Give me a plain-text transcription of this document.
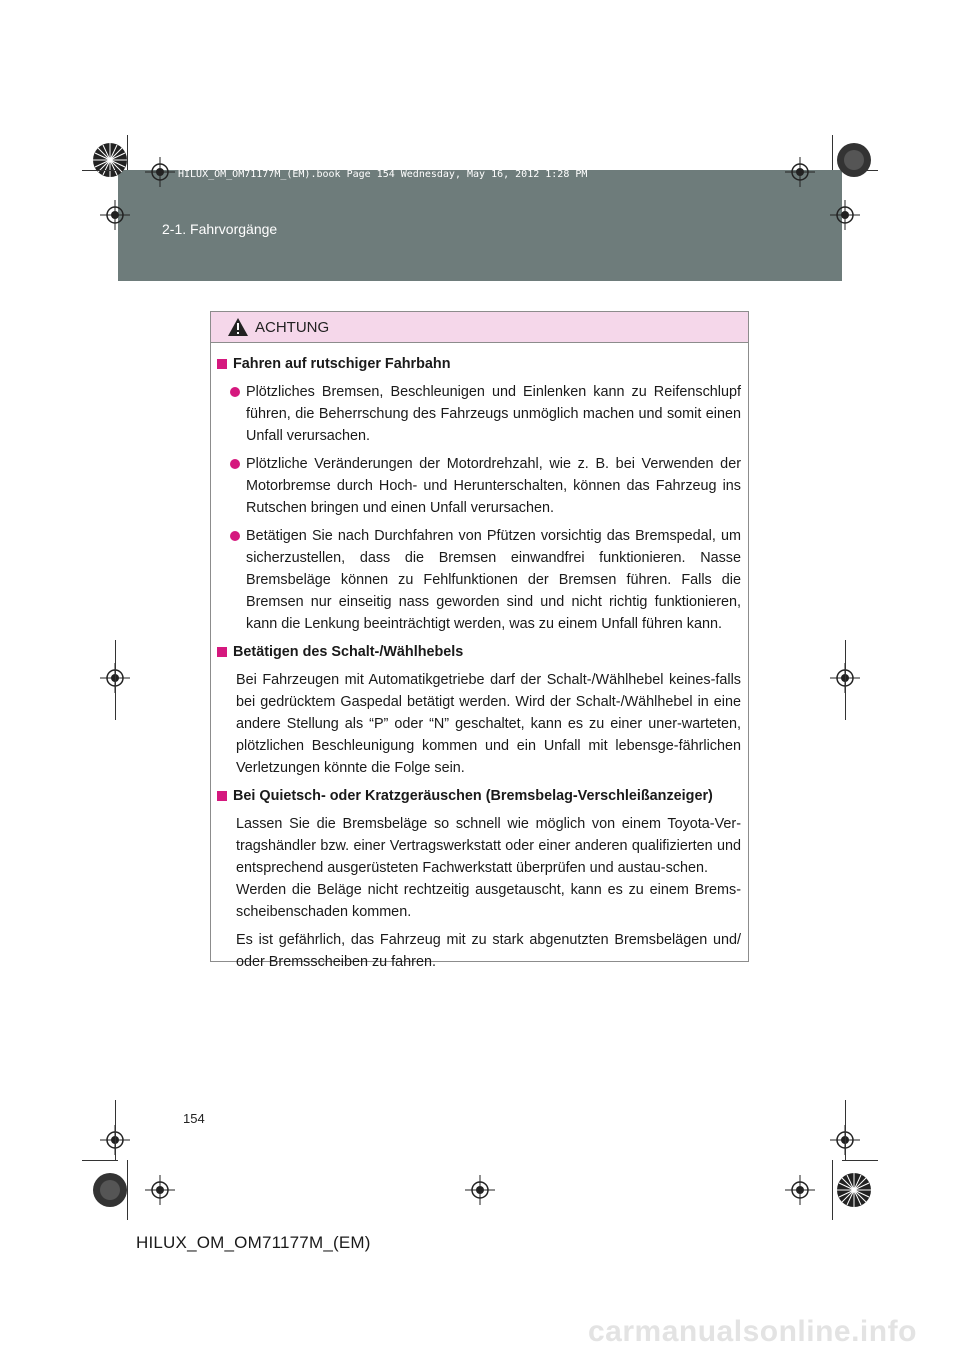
2-1. Fahrvorgänge
HILUX_OM_OM71177M_(EM).book Page 154 Wednesday, May 16, 2012 1:28 PM
ACHTUNG
Fahren auf rutschiger Fahrbahn
Plötzliches Bremsen, Beschleunigen und Einlenken kann zu Reifenschlupf führen, die Beherrschung des Fahrzeugs unmöglich machen und somit einen Unfall verursachen.
Plötzliche Veränderungen der Motordrehzahl, wie z. B. bei Verwenden der Motorbremse durch Hoch- und Herunterschalten, können das Fahrzeug ins Rutschen bringen und einen Unfall verursachen.
Betätigen Sie nach Durchfahren von Pfützen vorsichtig das Bremspedal, um sicherzustellen, dass die Bremsen einwandfrei funktionieren. Nasse Bremsbeläge können zu Fehlfunktionen der Bremsen führen. Falls die Bremsen nur einseitig nass geworden sind und nicht richtig funktionieren, kann die Lenkung beeinträchtigt werden, was zu einem Unfall führen kann.
Betätigen des Schalt-/Wählhebels
Bei Fahrzeugen mit Automatikgetriebe darf der Schalt-/Wählhebel keines-falls bei gedrücktem Gaspedal betätigt werden. Wird der Schalt-/Wählhebel in eine andere Stellung als “P” oder “N” geschaltet, kann es zu einer uner-warteten, plötzlichen Beschleunigung kommen und ein Unfall mit lebensge-fährlichen Verletzungen könnte die Folge sein.
Bei Quietsch- oder Kratzgeräuschen (Bremsbelag-Verschleißanzeiger)
Lassen Sie die Bremsbeläge so schnell wie möglich von einem Toyota-Ver-tragshändler bzw. einer Vertragswerkstatt oder einer anderen qualifizierten und entsprechend ausgerüsteten Fachwerkstatt überprüfen und austau-schen.
Werden die Beläge nicht rechtzeitig ausgetauscht, kann es zu einem Brems-scheibenschaden kommen.
Es ist gefährlich, das Fahrzeug mit zu stark abgenutzten Bremsbelägen und/ oder Bremsscheiben zu fahren.
154
HILUX_OM_OM71177M_(EM)
carmanualsonline.info
